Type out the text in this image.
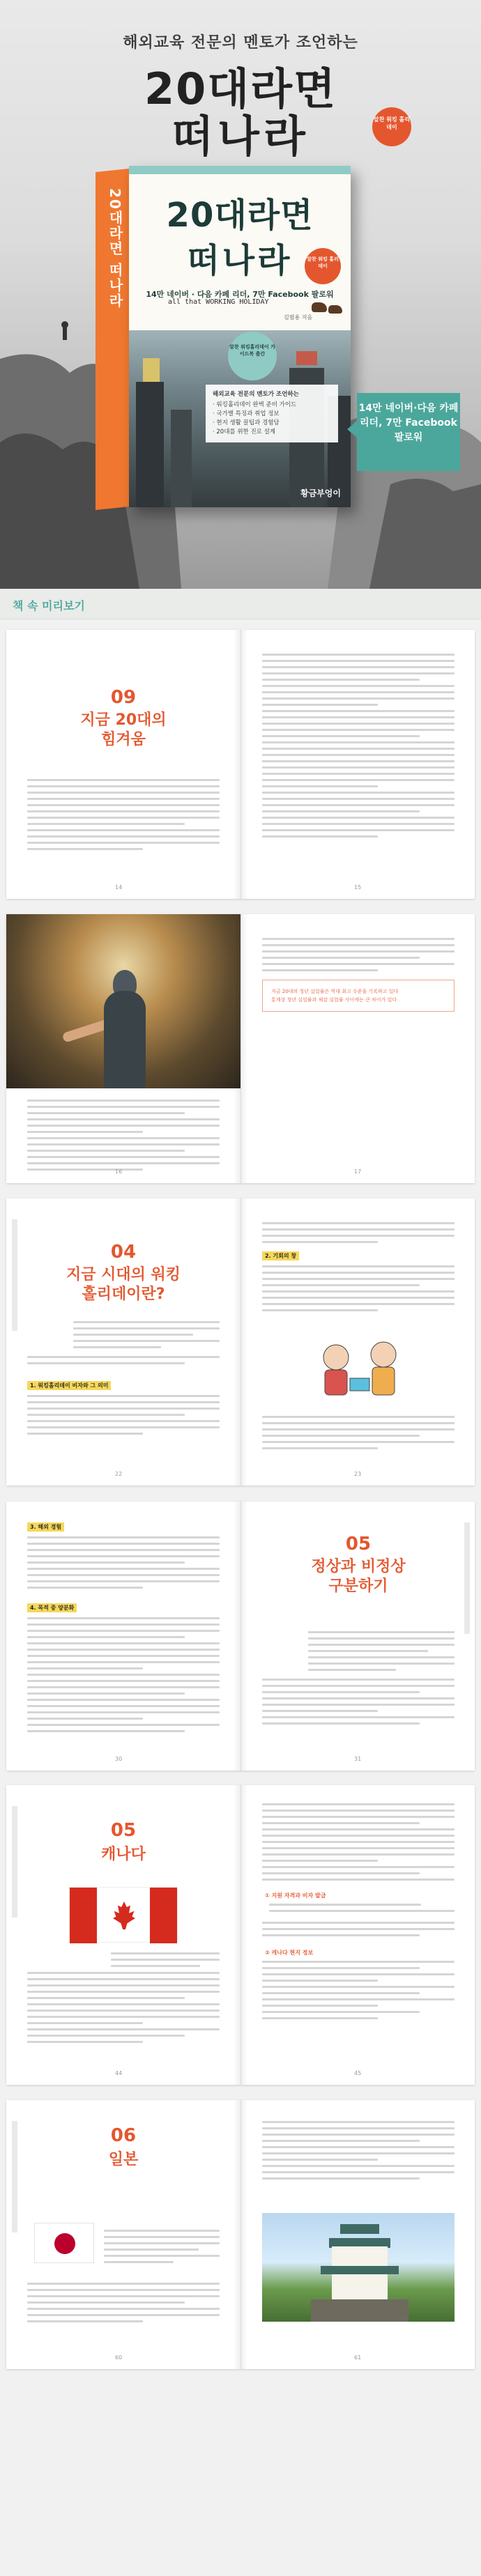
해외교육 전문의 멘토가 조언하는
20대라면
떠나라	알찬 워킹 홀리데이
20대라면 떠나라	20대라면
떠나라	알찬 워킹 홀리데이
14만 네이버 · 다음 카페 리더, 7만 Facebook 팔로워
all that WORKING HOLIDAY
김범용 지음
알찬 워킹홀리데이 가이드북 출간
해외교육 전문의 멘토가 조언하는
· 워킹홀리데이 완벽 준비 가이드
· 국가별 특징과 취업 정보
· 현지 생활 꿀팁과 경험담
· 20대를 위한 진로 설계
황금부엉이
14만 네이버·다음 카페 리더, 7만 Facebook 팔로워
책 속 미리보기
09
지금 20대의 힘겨움
14	15
16

지금 20대의 청년 실업률은 역대 최고 수준을 기록하고 있다

통계상 청년 실업률과 체감 실업률 사이에는 큰 차이가 있다

17
04
지금 시대의 워킹홀리데이란?
1. 워킹홀리데이 비자와 그 의미
22
2. 기회의 창
23
3. 해외 경험
4. 목적 중 양분화
30
05
정상과 비정상 구분하기
31
05
캐나다
44
① 지원 자격과 비자 발급
② 캐나다 현지 정보
45
06
일본
60	61
